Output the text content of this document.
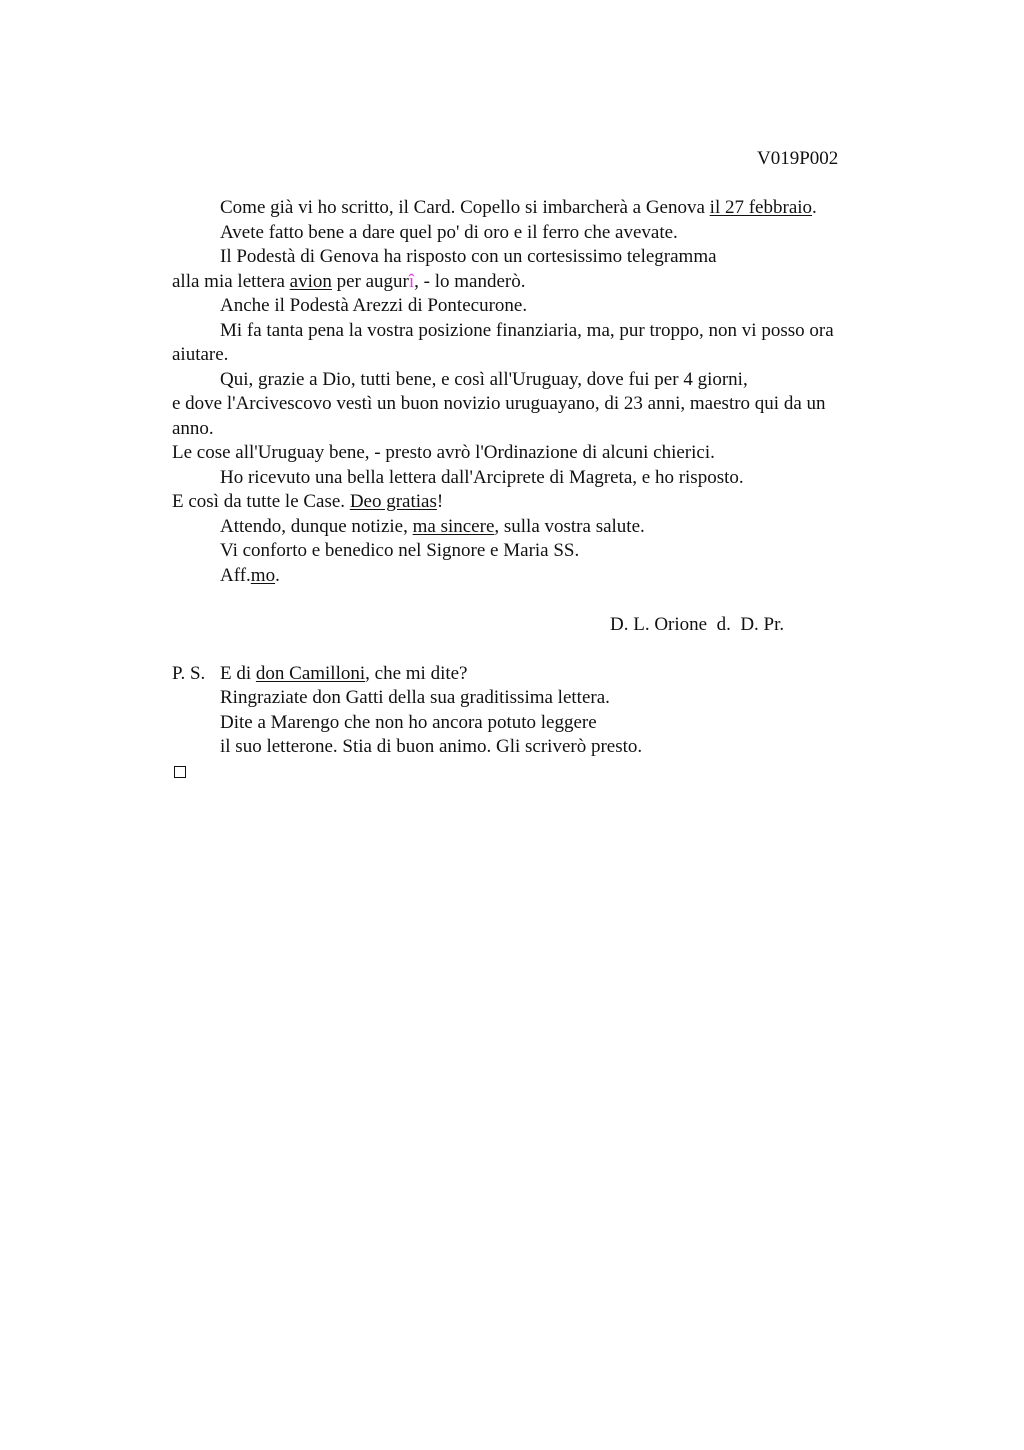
V019P002
Come già vi ho scritto, il Card. Copello si imbarcherà a Genova il 27 febbraio.
Avete fatto bene a dare quel po' di oro e il ferro che avevate.
Il Podestà di Genova ha risposto con un cortesissimo telegramma
alla mia lettera avion per augurî, - lo manderò.
Anche il Podestà Arezzi di Pontecurone.
Mi fa tanta pena la vostra posizione finanziaria, ma, pur troppo, non vi posso ora
aiutare.
Qui, grazie a Dio, tutti bene, e così all'Uruguay, dove fui per 4 giorni,
e dove l'Arcivescovo vestì un buon novizio uruguayano, di 23 anni, maestro qui da un
anno.
Le cose all'Uruguay bene, - presto avrò l'Ordinazione di alcuni chierici.
Ho ricevuto una bella lettera dall'Arciprete di Magreta, e ho risposto.
E così da tutte le Case. Deo gratias!
Attendo, dunque notizie, ma sincere, sulla vostra salute.
Vi conforto e benedico nel Signore e Maria SS.
Aff.mo.
D. L. Orione  d.  D. Pr.
P. S. E di don Camilloni, che mi dite?
Ringraziate don Gatti della sua graditissima lettera.
Dite a Marengo che non ho ancora potuto leggere
il suo letterone. Stia di buon animo. Gli scriverò presto.
